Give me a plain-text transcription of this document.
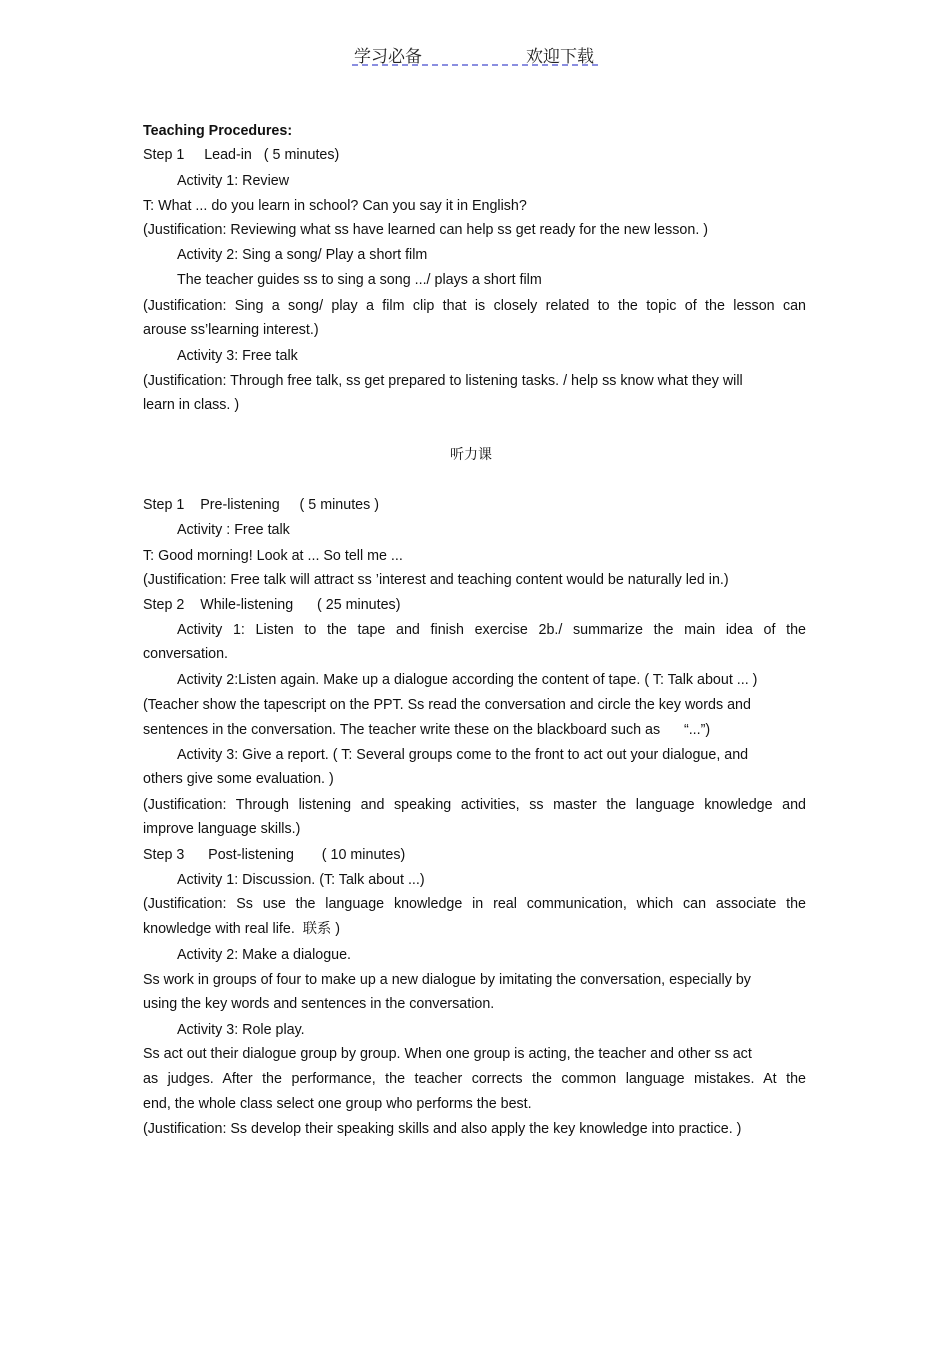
学习必备	欢迎下载
Teaching Procedures:
Step 1     Lead-in   ( 5 minutes)
Activity 1: Review
T: What ... do you learn in school? Can you say it in English?
(Justification: Reviewing what ss have learned can help ss get ready for the new lesson. )
Activity 2: Sing a song/ Play a short film
The teacher guides ss to sing a song .../ plays a short film
(Justification: Sing a song/ play a film clip that is closely related to the topic of the lesson can
arouse ss’learning interest.)
Activity 3: Free talk
(Justification: Through free talk, ss get prepared to listening tasks. / help ss know what they will
learn in class. )
听力课
Step 1    Pre-listening     ( 5 minutes )
Activity : Free talk
T: Good morning! Look at ... So tell me ...
(Justification: Free talk will attract ss ’interest and teaching content would be naturally led in.)
Step 2    While-listening      ( 25 minutes)
Activity 1: Listen to the tape and finish exercise 2b./ summarize the main idea of the
conversation.
Activity 2:Listen again. Make up a dialogue according the content of tape. ( T: Talk about ... )
(Teacher show the tapescript on the PPT. Ss read the conversation and circle the key words and
sentences in the conversation. The teacher write these on the blackboard such as      “...”)
Activity 3: Give a report. ( T: Several groups come to the front to act out your dialogue, and
others give some evaluation. )
(Justification: Through listening and speaking activities, ss master the language knowledge and
improve language skills.)
Step 3      Post-listening       ( 10 minutes)
Activity 1: Discussion. (T: Talk about ...)
(Justification: Ss use the language knowledge in real communication, which can associate the
knowledge with real life.  联系 )
Activity 2: Make a dialogue.
Ss work in groups of four to make up a new dialogue by imitating the conversation, especially by
using the key words and sentences in the conversation.
Activity 3: Role play.
Ss act out their dialogue group by group. When one group is acting, the teacher and other ss act
as judges. After the performance, the teacher corrects the common language mistakes. At the
end, the whole class select one group who performs the best.
(Justification: Ss develop their speaking skills and also apply the key knowledge into practice. )
